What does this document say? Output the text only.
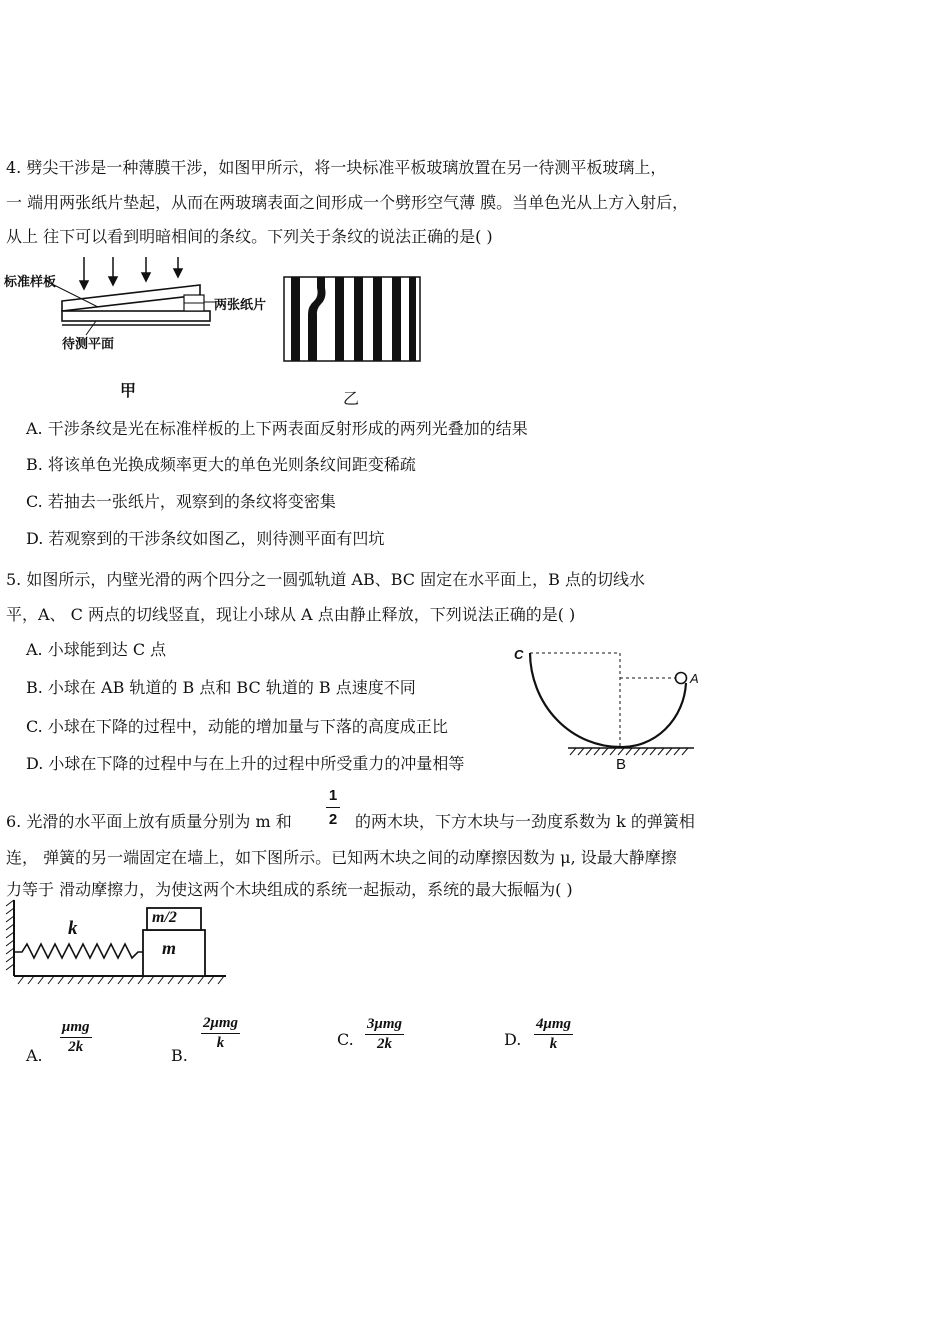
4. 劈尖干涉是一种薄膜干涉，如图甲所示，将一块标准平板玻璃放置在另一待测平板玻璃上，
一 端用两张纸片垫起，从而在两玻璃表面之间形成一个劈形空气薄 膜。当单色光从上方入射后，
从上 往下可以看到明暗相间的条纹。下列关于条纹的说法正确的是( )
标准样板
两张纸片
待测平面
甲	乙
A. 干涉条纹是光在标准样板的上下两表面反射形成的两列光叠加的结果
B. 将该单色光换成频率更大的单色光则条纹间距变稀疏
C. 若抽去一张纸片，观察到的条纹将变密集
D. 若观察到的干涉条纹如图乙，则待测平面有凹坑
5. 如图所示，内壁光滑的两个四分之一圆弧轨道 AB、BC 固定在水平面上，B 点的切线水
平，A、 C 两点的切线竖直，现让小球从 A 点由静止释放，下列说法正确的是( )
A. 小球能到达 C 点
B. 小球在 AB 轨道的 B 点和 BC 轨道的 B 点速度不同
C. 小球在下降的过程中，动能的增加量与下落的高度成正比
D. 小球在下降的过程中与在上升的过程中所受重力的冲量相等
C
A
B
6. 光滑的水平面上放有质量分别为 m 和
1
2 的两木块，下方木块与一劲度系数为 k 的弹簧相
连， 弹簧的另一端固定在墙上，如下图所示。已知两木块之间的动摩擦因数为 μ, 设最大静摩擦
力等于 滑动摩擦力，为使这两个木块组成的系统一起振动，系统的最大振幅为( )
k
m/2
m
A.
μmg
2k	B.
2μmg
k	C.
3μmg
2k	D.
4μmg
k
